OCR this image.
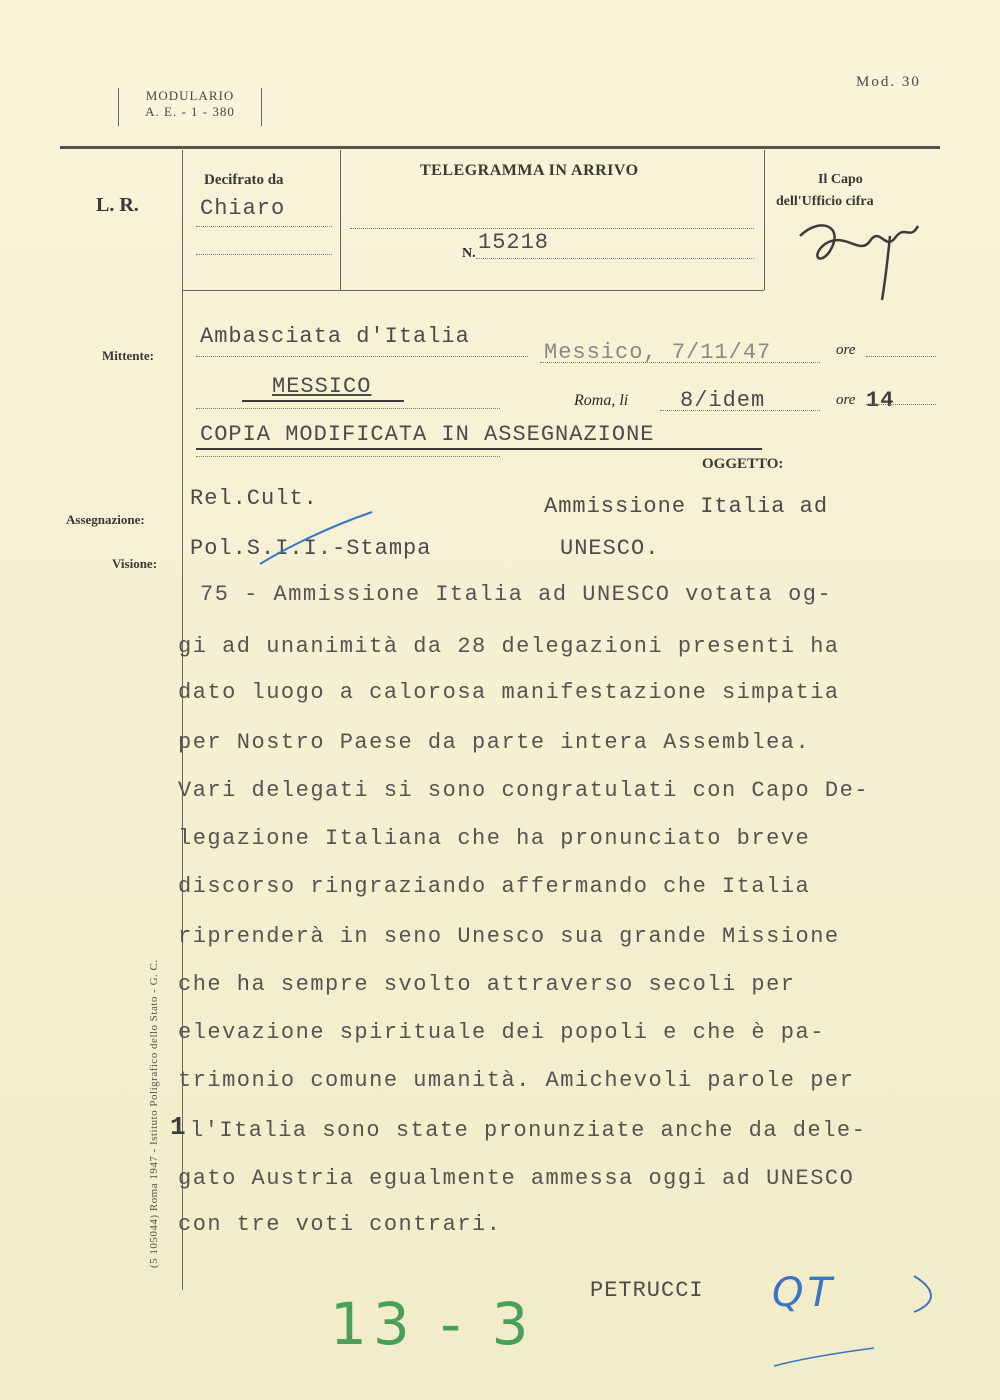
MODULARIO
A. E. - 1 - 380
Mod. 30
L. R.
Decifrato da
Chiaro
TELEGRAMMA IN ARRIVO
N. 15218
Il Capo
dell'Ufficio cifra
Mittente:
Assegnazione:
Visione:
Ambasciata d'Italia
MESSICO
Messico, 7/11/47	ore
Roma, li 8/idem	ore 14
COPIA MODIFICATA IN ASSEGNAZIONE
OGGETTO:
Rel.Cult.
Pol.S.I.I.-Stampa
Ammissione Italia ad
UNESCO.
75 - Ammissione Italia ad UNESCO votata og-
gi ad unanimità da 28 delegazioni presenti ha
dato luogo a calorosa manifestazione simpatia
per Nostro Paese da parte intera Assemblea.
Vari delegati si sono congratulati con Capo De-
legazione Italiana che ha pronunciato breve
discorso ringraziando affermando che Italia
riprenderà in seno Unesco sua grande Missione
che ha sempre svolto attraverso secoli per
elevazione spirituale dei popoli e che è pa-
trimonio comune umanità. Amichevoli parole per
l'Italia sono state pronunziate anche da dele-
gato Austria egualmente ammessa oggi ad UNESCO
con tre voti contrari.
1
PETRUCCI
13 - 3	QT
(5 105044) Roma 1947 - Istituto Poligrafico dello Stato - G. C.
